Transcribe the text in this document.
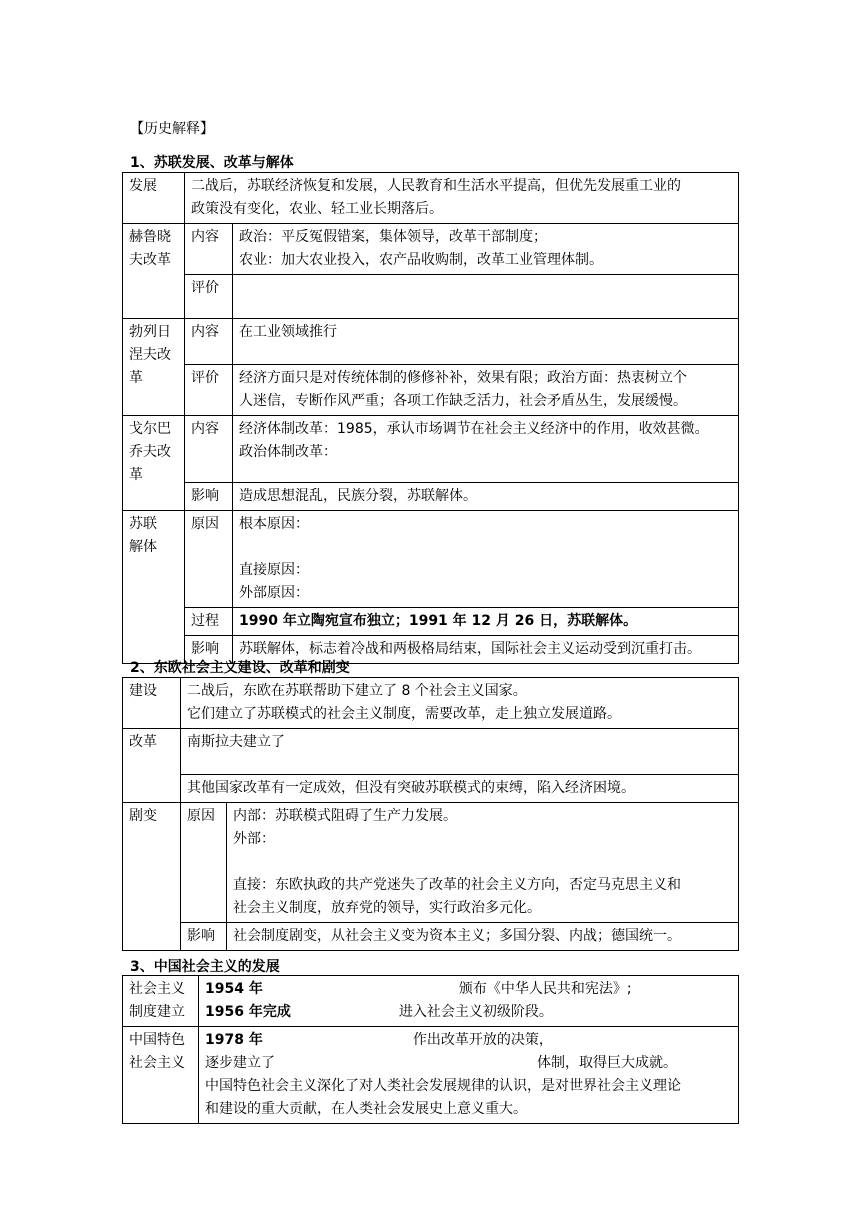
【历史解释】
1、苏联发展、改革与解体
发展	二战后，苏联经济恢复和发展，人民教育和生活水平提高，但优先发展重工业的
政策没有变化，农业、轻工业长期落后。	

赫鲁晓
夫改革	内容	政治：平反冤假错案，集体领导，改革干部制度；
农业：加大农业投入，农产品收购制，改革工业管理体制。

	评价	

勃列日
涅夫改
革	内容	在工业领域推行
	评价	经济方面只是对传统体制的修修补补，效果有限；政治方面：热衷树立个
人迷信，专断作风严重；各项工作缺乏活力，社会矛盾丛生，发展缓慢。

戈尔巴
乔夫改
革	内容	经济体制改革：1985，承认市场调节在社会主义经济中的作用，收效甚微。
政治体制改革：

	影响	造成思想混乱，民族分裂，苏联解体。

苏联
解体	原因	根本原因：
直接原因：
外部原因：

	过程	1990 年立陶宛宣布独立；1991 年 12 月 26 日，苏联解体。
	影响	苏联解体，标志着冷战和两极格局结束，国际社会主义运动受到沉重打击。
2、东欧社会主义建设、改革和剧变
建设	二战后，东欧在苏联帮助下建立了 8 个社会主义国家。
它们建立了苏联模式的社会主义制度，需要改革，走上独立发展道路。	

改革	南斯拉夫建立了	
	其他国家改革有一定成效，但没有突破苏联模式的束缚，陷入经济困境。	
剧变	原因	内部：苏联模式阻碍了生产力发展。
外部：
直接：东欧执政的共产党迷失了改革的社会主义方向，否定马克思主义和
社会主义制度，放弃党的领导，实行政治多元化。

	影响	社会制度剧变，从社会主义变为资本主义；多国分裂、内战；德国统一。
3、中国社会主义的发展
社会主义
制度建立	1954 年 颁布《中华人民共和宪法》;
1956 年完成 进入社会主义初级阶段。

中国特色
社会主义	1978 年 作出改革开放的决策，
逐步建立了 体制，取得巨大成就。
中国特色社会主义深化了对人类社会发展规律的认识，是对世界社会主义理论
和建设的重大贡献，在人类社会发展史上意义重大。
